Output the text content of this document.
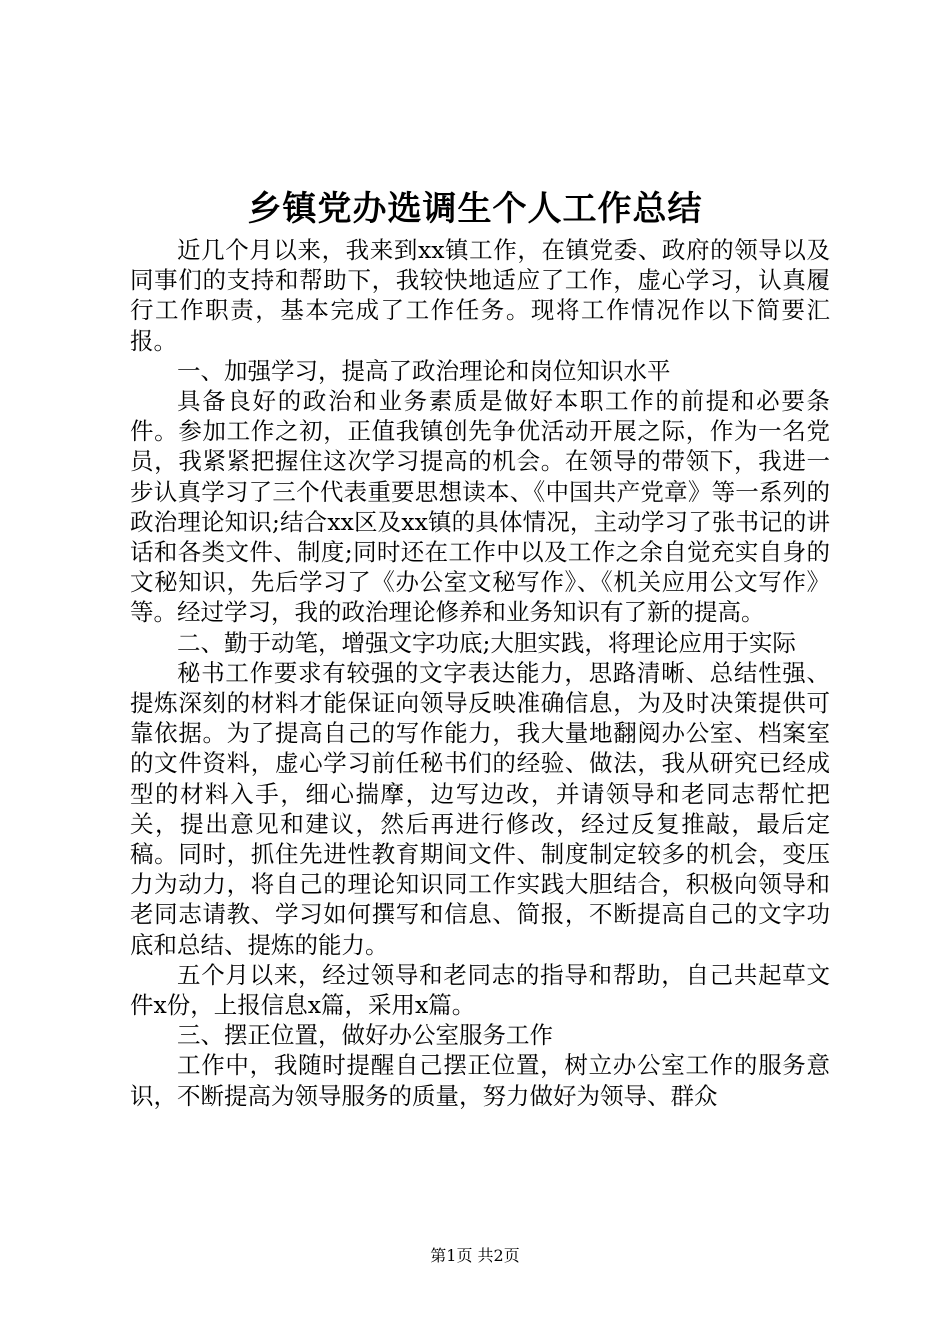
乡镇党办选调生个人工作总结

近几个月以来，我来到xx镇工作，在镇党委、政府的领导以及同事们的支持和帮助下，我较快地适应了工作，虚心学习，认真履行工作职责，基本完成了工作任务。现将工作情况作以下简要汇报。

一、加强学习，提高了政治理论和岗位知识水平

具备良好的政治和业务素质是做好本职工作的前提和必要条件。参加工作之初，正值我镇创先争优活动开展之际，作为一名党员，我紧紧把握住这次学习提高的机会。在领导的带领下，我进一步认真学习了三个代表重要思想读本、《中国共产党章》等一系列的政治理论知识;结合xx区及xx镇的具体情况，主动学习了张书记的讲话和各类文件、制度;同时还在工作中以及工作之余自觉充实自身的文秘知识，先后学习了《办公室文秘写作》、《机关应用公文写作》等。经过学习，我的政治理论修养和业务知识有了新的提高。

二、勤于动笔，增强文字功底;大胆实践，将理论应用于实际

秘书工作要求有较强的文字表达能力，思路清晰、总结性强、提炼深刻的材料才能保证向领导反映准确信息，为及时决策提供可靠依据。为了提高自己的写作能力，我大量地翻阅办公室、档案室的文件资料，虚心学习前任秘书们的经验、做法，我从研究已经成型的材料入手，细心揣摩，边写边改，并请领导和老同志帮忙把关，提出意见和建议，然后再进行修改，经过反复推敲，最后定稿。同时，抓住先进性教育期间文件、制度制定较多的机会，变压力为动力，将自己的理论知识同工作实践大胆结合，积极向领导和老同志请教、学习如何撰写和信息、简报，不断提高自己的文字功底和总结、提炼的能力。

五个月以来，经过领导和老同志的指导和帮助，自己共起草文件x份，上报信息x篇，采用x篇。

三、摆正位置，做好办公室服务工作

工作中，我随时提醒自己摆正位置，树立办公室工作的服务意识，不断提高为领导服务的质量，努力做好为领导、群众

第1页 共2页
